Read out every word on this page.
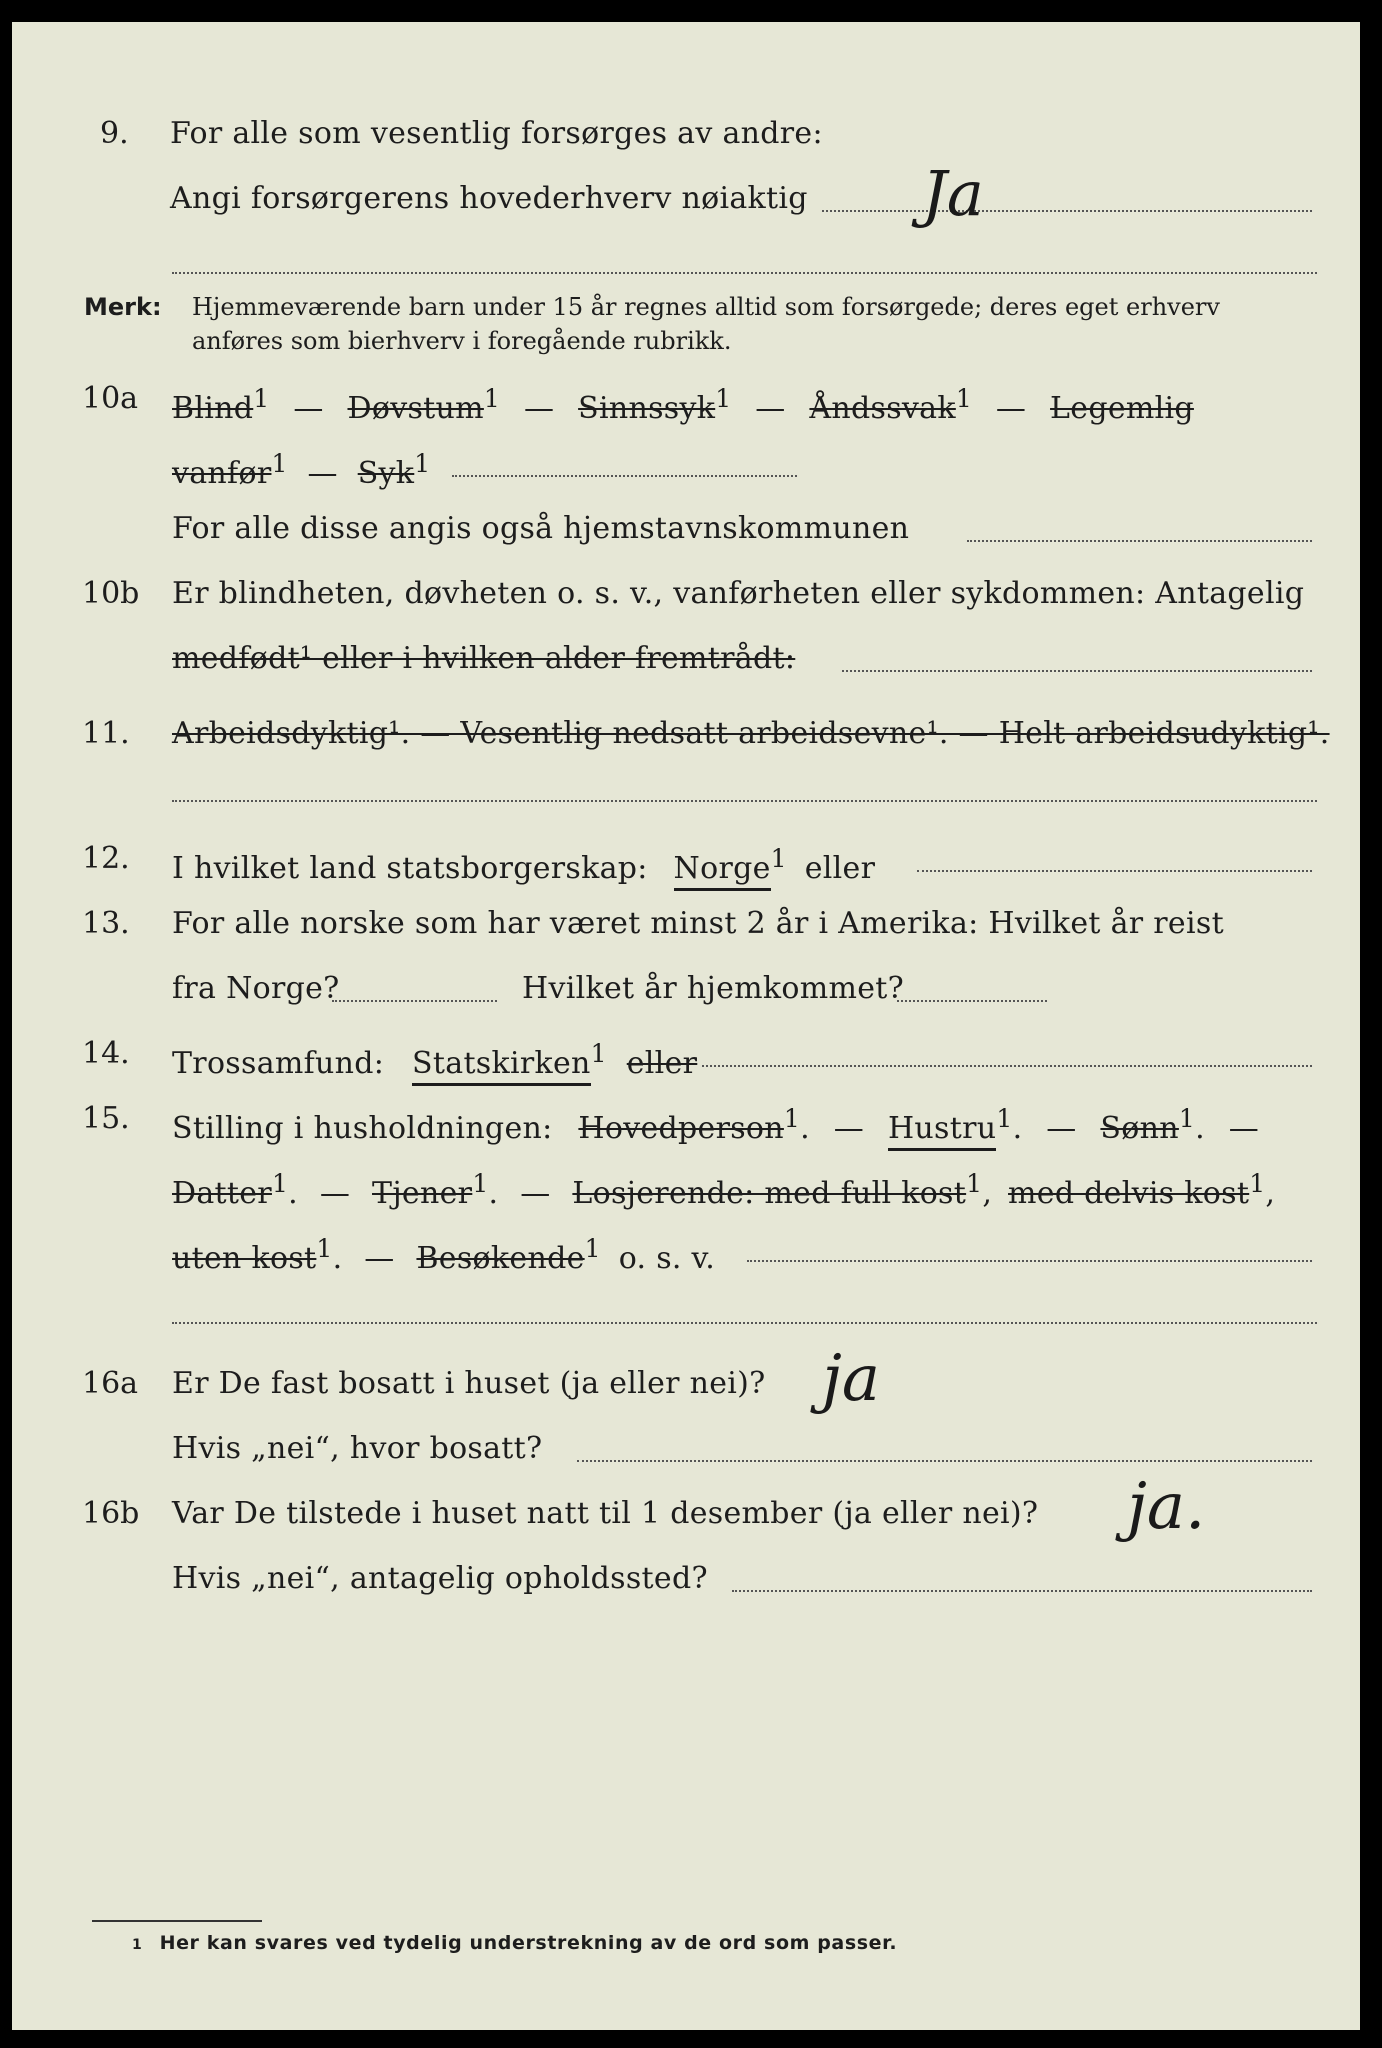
9.	For alle som vesentlig forsørges av andre:
Angi forsørgerens hovederhverv nøiaktig Ja
Merk: Hjemmeværende barn under 15 år regnes alltid som forsørgede; deres eget erhverv
anføres som bierhverv i foregående rubrikk.
10a	Blind$^1$ — Døvstum$^1$ — Sinnssyk$^1$ — Åndssvak$^1$ — Legemlig
vanfør$^1$ — Syk$^1$
For alle disse angis også hjemstavnskommunen
10b	Er blindheten, døvheten o. s. v., vanførheten eller sykdommen: Antagelig
medfødt¹ eller i hvilken alder fremtrådt:
11.	Arbeidsdyktig¹. — Vesentlig nedsatt arbeidsevne¹. — Helt arbeidsudyktig¹.
12.	I hvilket land statsborgerskap: Norge$^1$ eller
13.	For alle norske som har været minst 2 år i Amerika: Hvilket år reist
fra Norge?	Hvilket år hjemkommet?
14.	Trossamfund: Statskirken$^1$ eller
15.	Stilling i husholdningen: Hovedperson$^1$. — Hustru$^1$. — Sønn$^1$. —
Datter$^1$. — Tjener$^1$. — Losjerende: med full kost$^1$, med delvis kost$^1$,
uten kost$^1$. — Besøkende$^1$ o. s. v.
16a	Er De fast bosatt i huset (ja eller nei)? ja
Hvis „nei“, hvor bosatt?
16b	Var De tilstede i huset natt til 1 desember (ja eller nei)? ja.
Hvis „nei“, antagelig opholdssted?
1 Her kan svares ved tydelig understrekning av de ord som passer.
